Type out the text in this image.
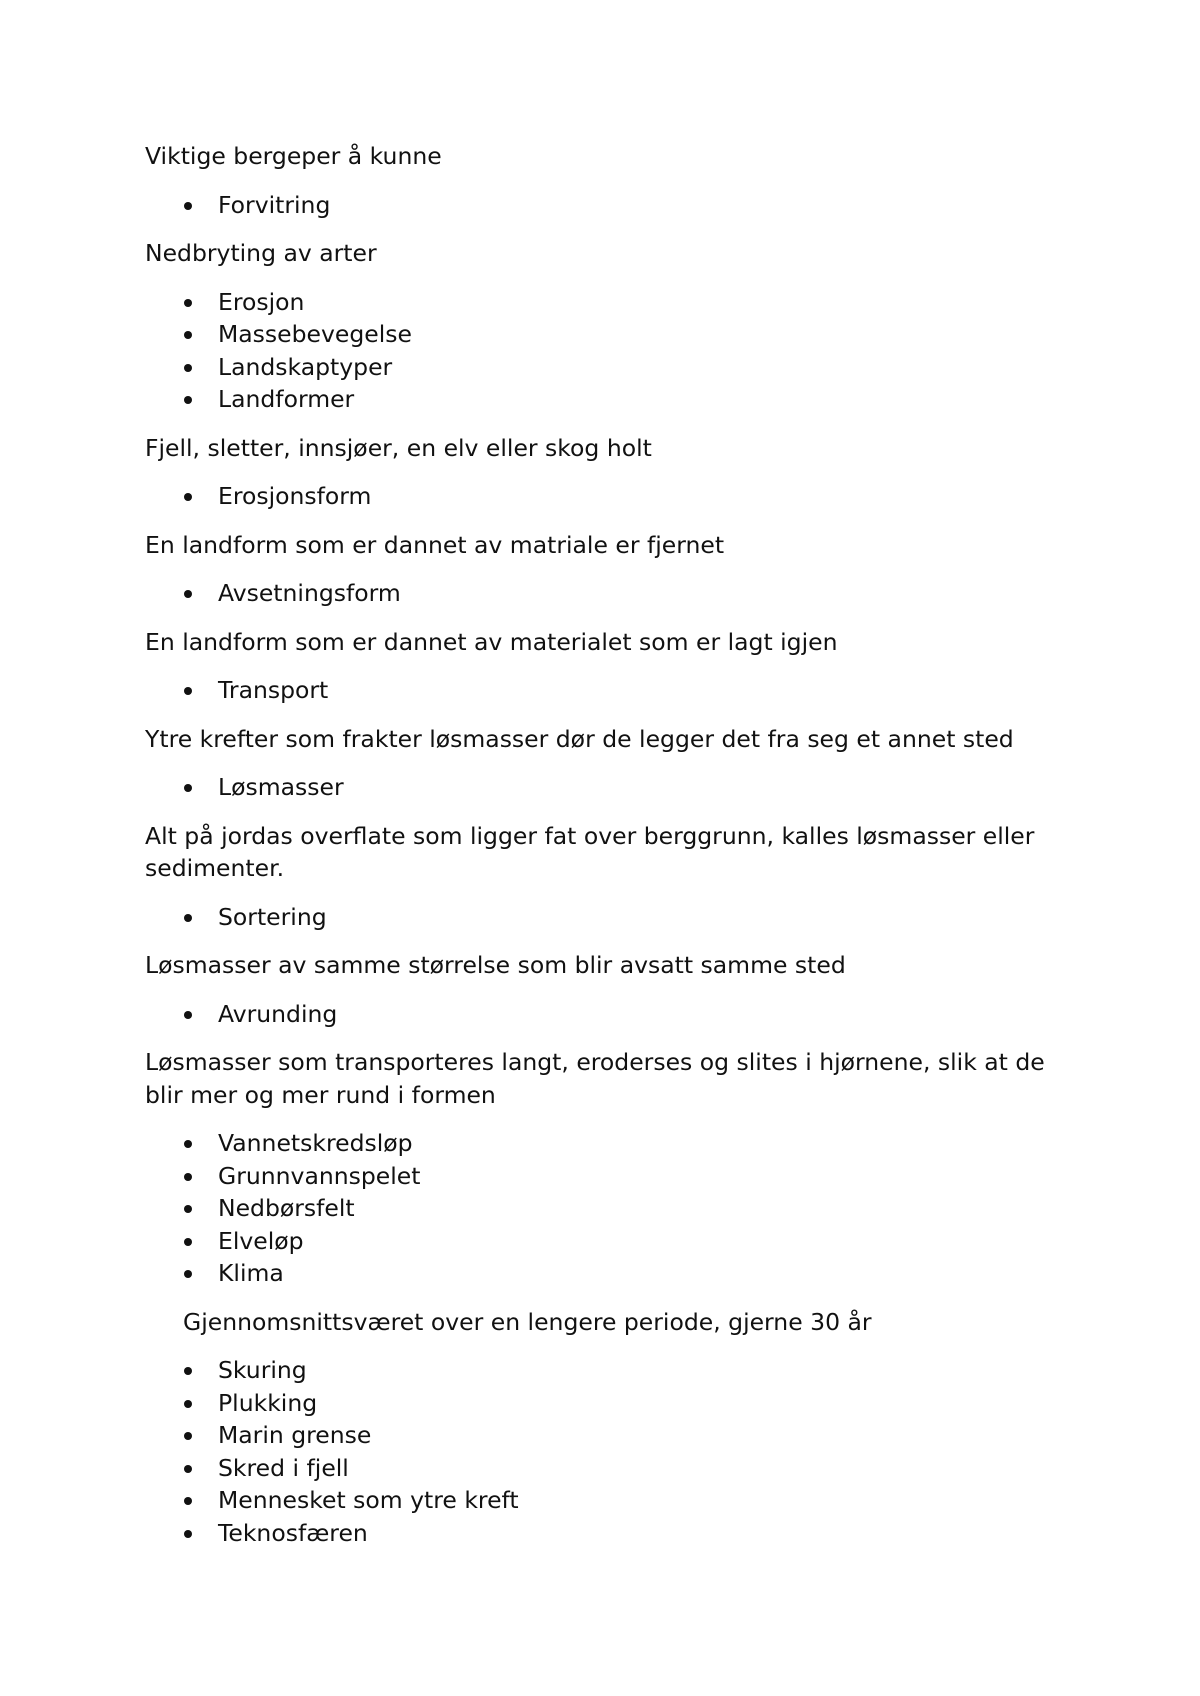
Viktige bergeper å kunne

Forvitring

Nedbryting av arter

Erosjon
Massebevegelse
Landskaptyper
Landformer

Fjell, sletter, innsjøer, en elv eller skog holt

Erosjonsform

En landform som er dannet av matriale er fjernet

Avsetningsform

En landform som er dannet av materialet som er lagt igjen

Transport

Ytre krefter som frakter løsmasser dør de legger det fra seg et annet sted

Løsmasser

Alt på jordas overflate som ligger fat over berggrunn, kalles løsmasser eller sedimenter.

Sortering

Løsmasser av samme størrelse som blir avsatt samme sted

Avrunding

Løsmasser som transporteres langt, eroderses og slites i hjørnene, slik at de blir mer og mer rund i formen

Vannetskredsløp
Grunnvannspelet
Nedbørsfelt
Elveløp
Klima

Gjennomsnittsværet over en lengere periode, gjerne 30 år

Skuring
Plukking
Marin grense
Skred i fjell
Mennesket som ytre kreft
Teknosfæren
